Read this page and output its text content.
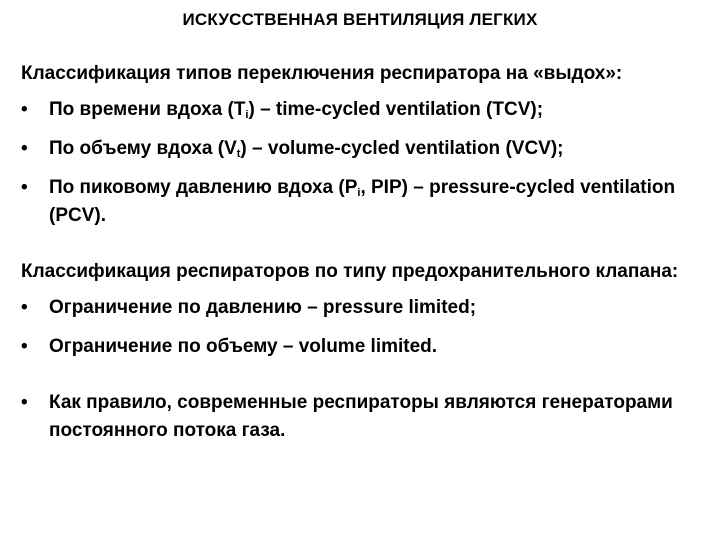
ИСКУССТВЕННАЯ ВЕНТИЛЯЦИЯ ЛЕГКИХ
Классификация типов переключения респиратора на «выдох»:
•	По времени вдоха $(T_i)$ – time-cycled ventilation (TCV);
•	По объему вдоха $(V_t)$ – volume-cycled ventilation (VCV);
•	По пиковому давлению вдоха ($P_i$, PIP) – pressure-cycled ventilation (PCV).
Классификация респираторов по типу предохранительного клапана:
•	Ограничение по давлению – pressure limited;
•	Ограничение по объему – volume limited.
•	Как правило, современные респираторы являются генераторами постоянного потока газа.
